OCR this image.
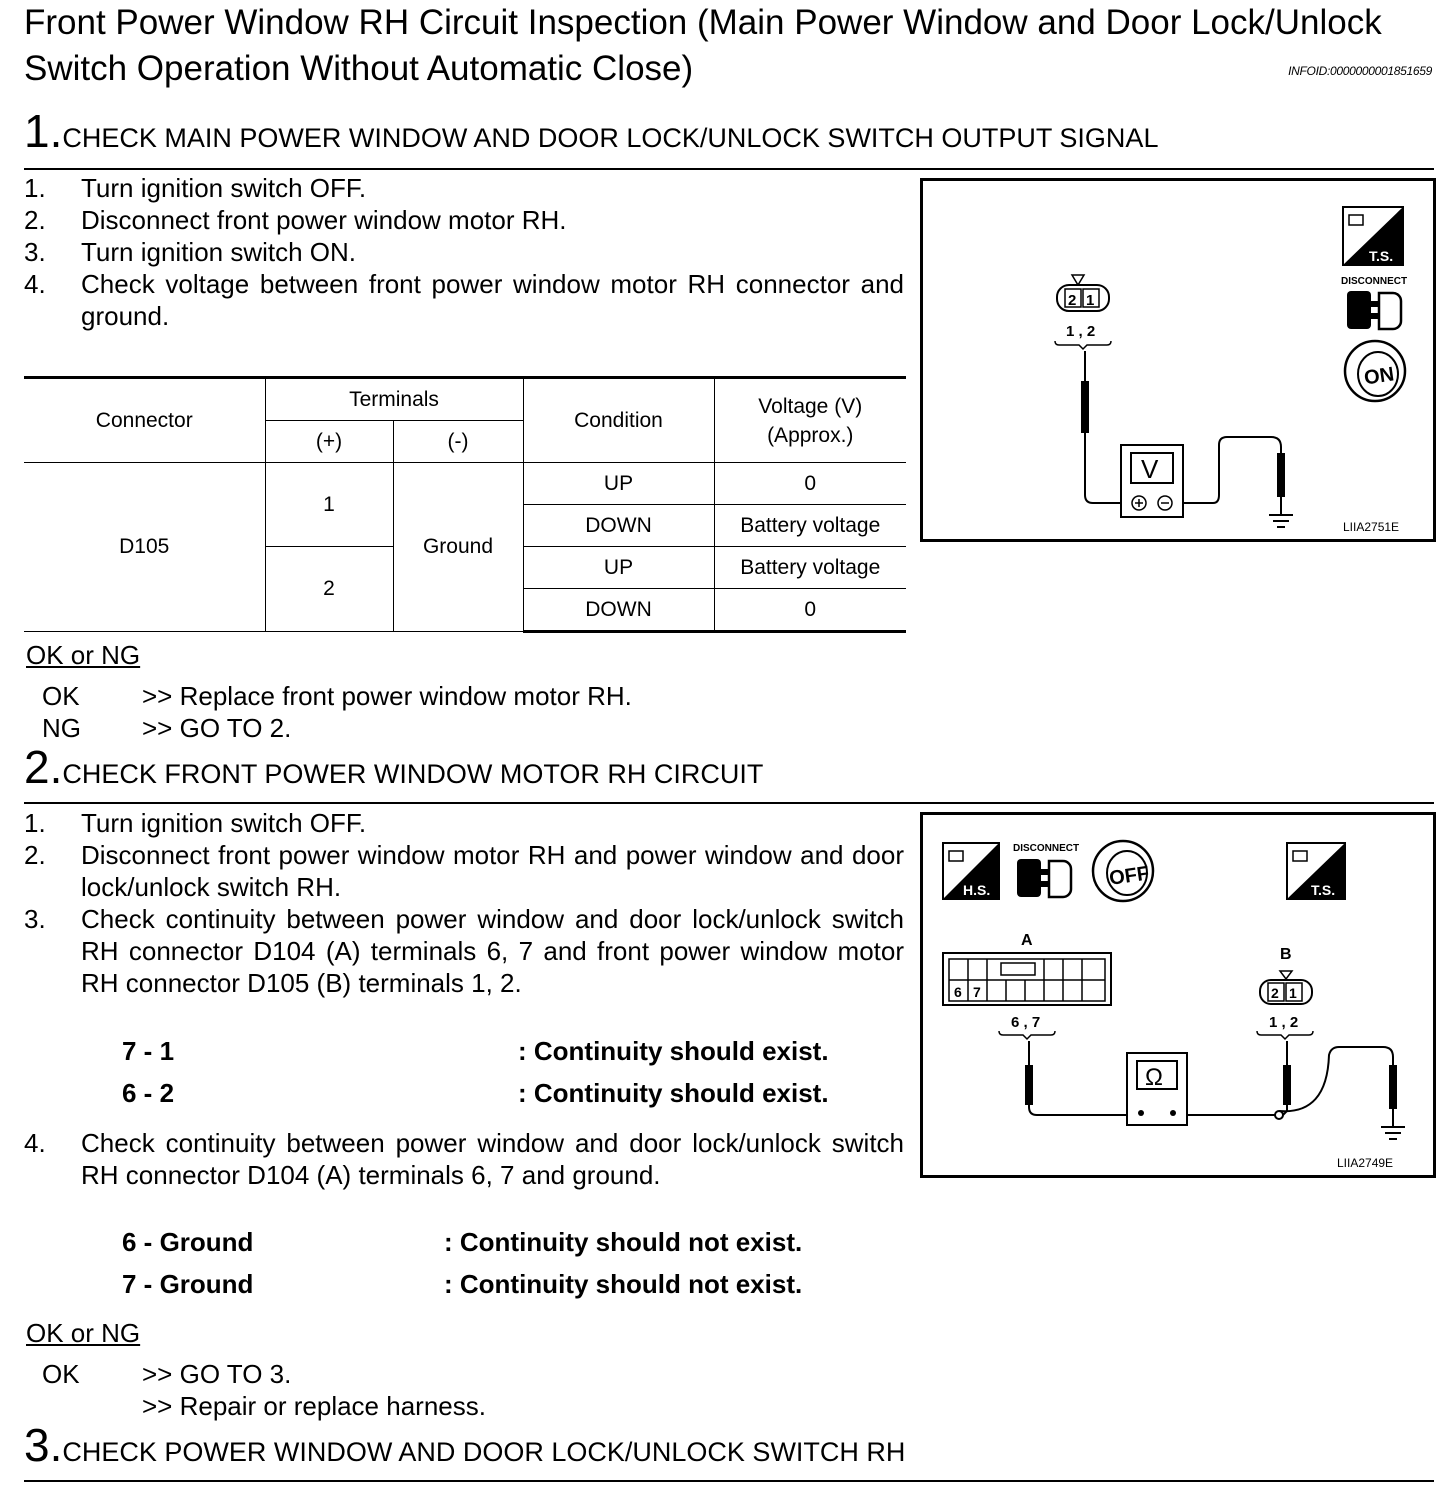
Front Power Window RH Circuit Inspection (Main Power Window and Door Lock/Unlock Switch Operation Without Automatic Close)	INFOID:0000000001851659
1.CHECK MAIN POWER WINDOW AND DOOR LOCK/UNLOCK SWITCH OUTPUT SIGNAL
1. Turn ignition switch OFF.
2. Disconnect front power window motor RH.
3. Turn ignition switch ON.
4. Check voltage between front power window motor RH connector and ground.
Connector	Terminals		Condition	Voltage (V)
(Approx.)
	(+)	(-)		
D105	1	Ground	UP	0
			DOWN	Battery voltage
	2		UP	Battery voltage
			DOWN	0
OK or NG
OK >> Replace front power window motor RH.
NG >> GO TO 2.
T.S.
DISCONNECT
ON
2 1
1 , 2
V
LIIA2751E
2.CHECK FRONT POWER WINDOW MOTOR RH CIRCUIT
1. Turn ignition switch OFF.
2. Disconnect front power window motor RH and power window and door lock/unlock switch RH.
3. Check continuity between power window and door lock/unlock switch RH connector D104 (A) terminals 6, 7 and front power window motor RH connector D105 (B) terminals 1, 2.
7 - 1	: Continuity should exist.
6 - 2	: Continuity should exist.
4. Check continuity between power window and door lock/unlock switch RH connector D104 (A) terminals 6, 7 and ground.
6 - Ground	: Continuity should not exist.
7 - Ground	: Continuity should not exist.
OK or NG
OK >> GO TO 3.
>> Repair or replace harness.
H.S.
DISCONNECT
OFF
T.S.
A
6 7
6 , 7
B
2 1
1 , 2
Ω
LIIA2749E
3.CHECK POWER WINDOW AND DOOR LOCK/UNLOCK SWITCH RH
